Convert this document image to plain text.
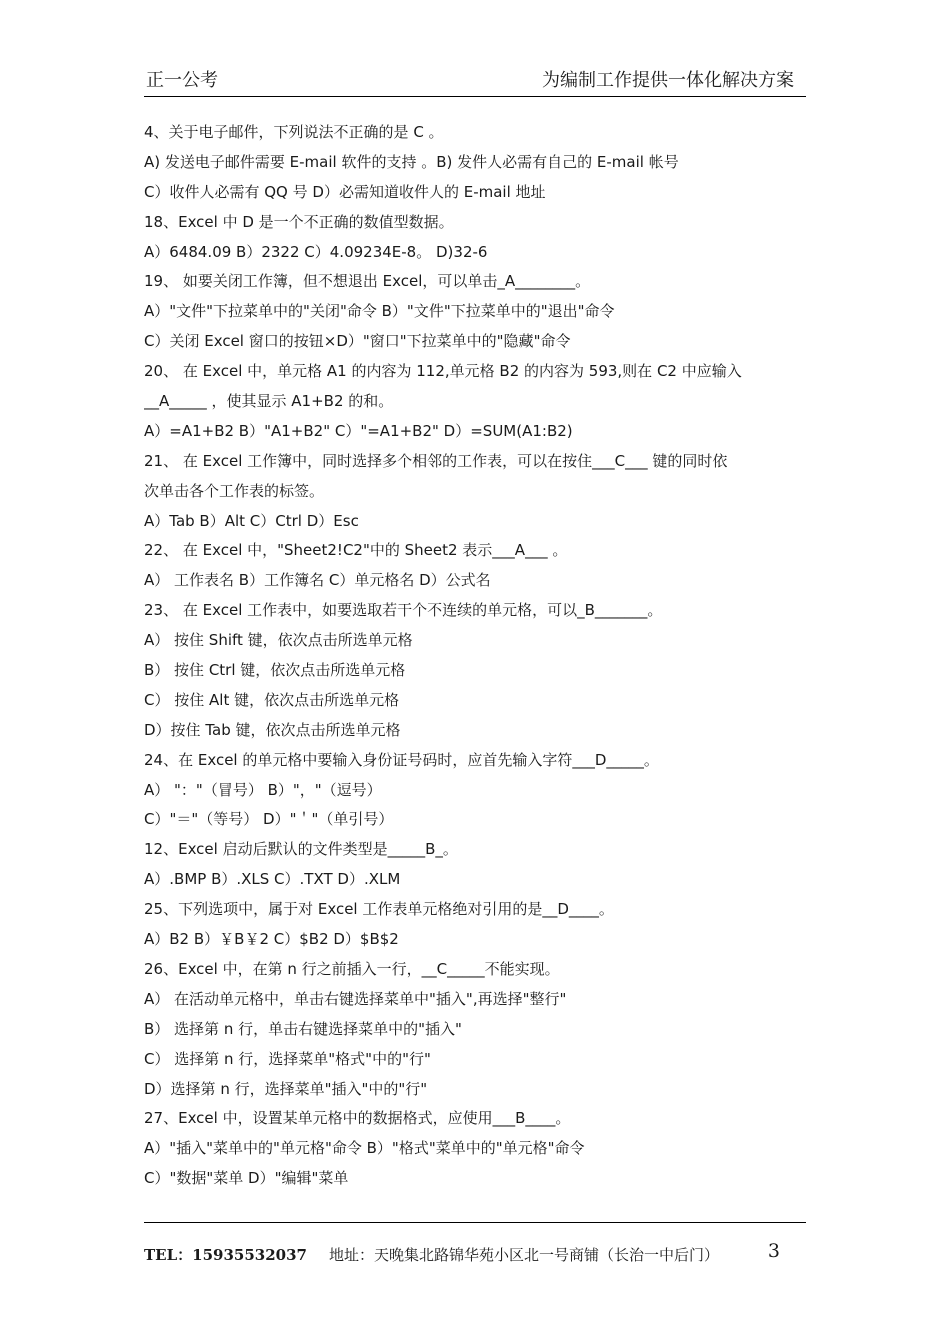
正一公考	为编制工作提供一体化解决方案
4、关于电子邮件，下列说法不正确的是 C 。
A) 发送电子邮件需要 E-mail 软件的支持 。B) 发件人必需有自己的 E-mail 帐号
C）收件人必需有 QQ 号 D）必需知道收件人的 E-mail 地址
18、Excel 中 D 是一个不正确的数值型数据。
A）6484.09 B）2322 C）4.09234E-8。 D)32-6
19、 如要关闭工作簿，但不想退出 Excel，可以单击_A________。
A）"文件"下拉菜单中的"关闭"命令 B）"文件"下拉菜单中的"退出"命令
C）关闭 Excel 窗口的按钮×D）"窗口"下拉菜单中的"隐藏"命令
20、 在 Excel 中，单元格 A1 的内容为 112,单元格 B2 的内容为 593,则在 C2 中应输入
__A_____ ，使其显示 A1+B2 的和。
A）=A1+B2 B）"A1+B2" C）"=A1+B2" D）=SUM(A1:B2)
21、 在 Excel 工作簿中，同时选择多个相邻的工作表，可以在按住___C___ 键的同时依
次单击各个工作表的标签。
A）Tab B）Alt C）Ctrl D）Esc
22、 在 Excel 中，"Sheet2!C2"中的 Sheet2 表示___A___ 。
A） 工作表名 B）工作簿名 C）单元格名 D）公式名
23、 在 Excel 工作表中，如要选取若干个不连续的单元格，可以_B_______。
A） 按住 Shift 键，依次点击所选单元格
B） 按住 Ctrl 键，依次点击所选单元格
C） 按住 Alt 键，依次点击所选单元格
D）按住 Tab 键，依次点击所选单元格
24、在 Excel 的单元格中要输入身份证号码时，应首先输入字符___D_____。
A） "："（冒号） B）"，"（逗号）
C）"＝"（等号） D）"＇"（单引号）
12、Excel 启动后默认的文件类型是_____B_。
A）.BMP B）.XLS C）.TXT D）.XLM
25、下列选项中，属于对 Excel 工作表单元格绝对引用的是__D____。
A）B2 B）￥B￥2 C）$B2 D）$B$2
26、Excel 中，在第 n 行之前插入一行，__C_____不能实现。
A） 在活动单元格中，单击右键选择菜单中"插入",再选择"整行"
B） 选择第 n 行，单击右键选择菜单中的"插入"
C） 选择第 n 行，选择菜单"格式"中的"行"
D）选择第 n 行，选择菜单"插入"中的"行"
27、Excel 中，设置某单元格中的数据格式，应使用___B____。
A）"插入"菜单中的"单元格"命令 B）"格式"菜单中的"单元格"命令
C）"数据"菜单 D）"编辑"菜单
TEL：15935532037 地址：天晚集北路锦华苑小区北一号商铺（长治一中后门）	3
